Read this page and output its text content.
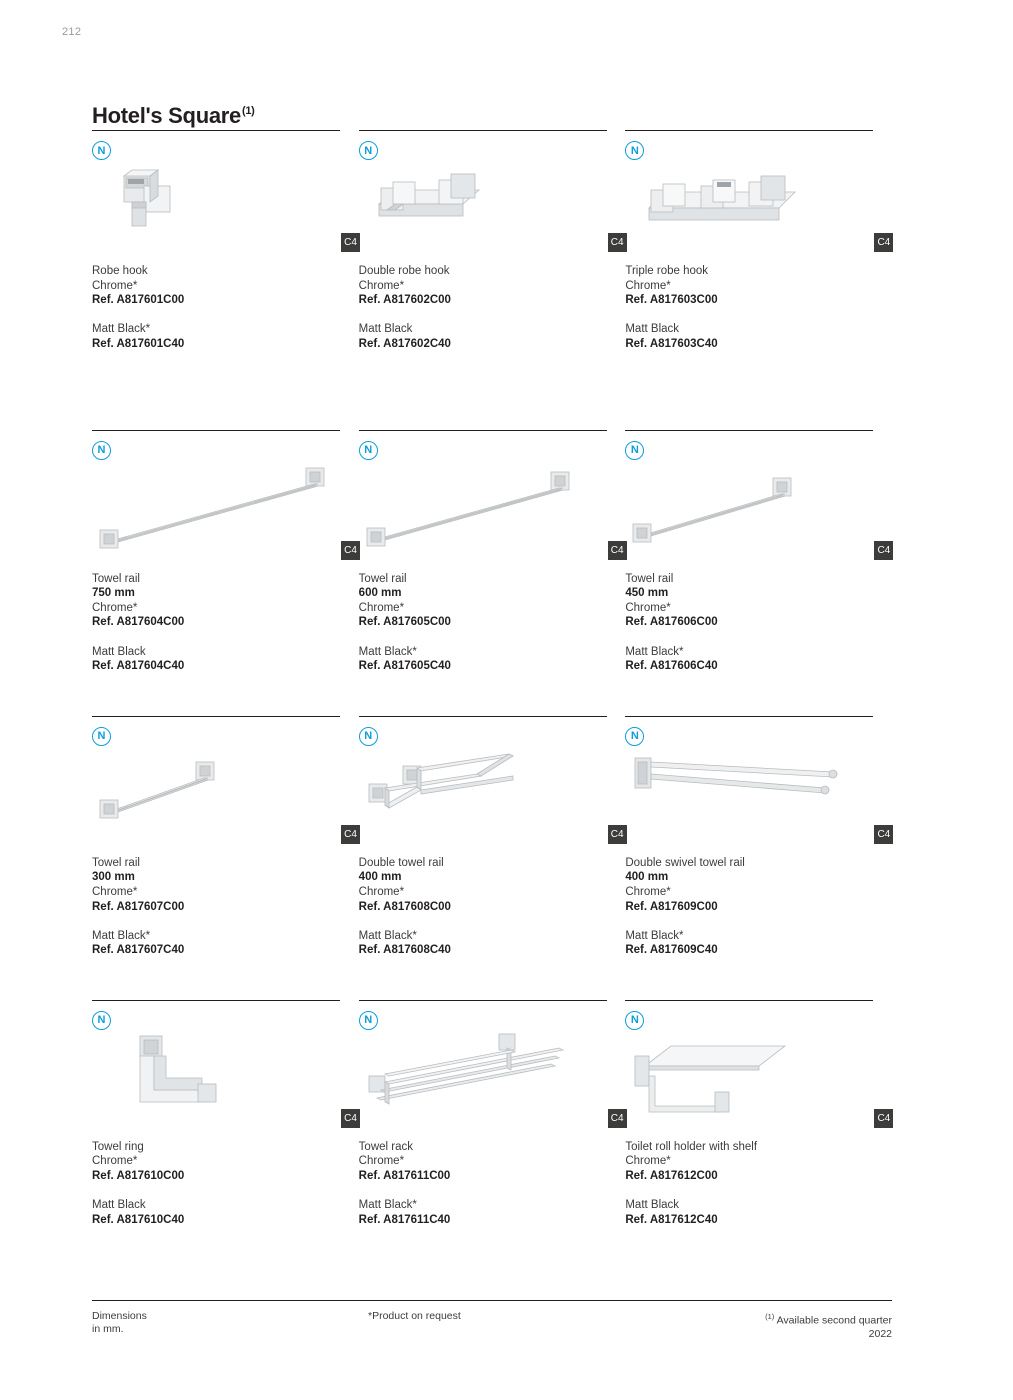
212
Hotel's Square$^{(1)}$
N
C4
Robe hook
Chrome*
Ref. A817601C00
Matt Black*
Ref. A817601C40
N
C4
Double robe hook
Chrome*
Ref. A817602C00
Matt Black
Ref. A817602C40
N
C4
Triple robe hook
Chrome*
Ref. A817603C00
Matt Black
Ref. A817603C40
N
C4
Towel rail
750 mm
Chrome*
Ref. A817604C00
Matt Black
Ref. A817604C40
N
C4
Towel rail
600 mm
Chrome*
Ref. A817605C00
Matt Black*
Ref. A817605C40
N
C4
Towel rail
450 mm
Chrome*
Ref. A817606C00
Matt Black*
Ref. A817606C40
N
C4
Towel rail
300 mm
Chrome*
Ref. A817607C00
Matt Black*
Ref. A817607C40
N
C4
Double towel rail
400 mm
Chrome*
Ref. A817608C00
Matt Black*
Ref. A817608C40
N
C4
Double swivel towel rail
400 mm
Chrome*
Ref. A817609C00
Matt Black*
Ref. A817609C40
N
C4
Towel ring
Chrome*
Ref. A817610C00
Matt Black
Ref. A817610C40
N
C4
Towel rack
Chrome*
Ref. A817611C00
Matt Black*
Ref. A817611C40
N
C4
Toilet roll holder with shelf
Chrome*
Ref. A817612C00
Matt Black
Ref. A817612C40
Dimensions
in mm.
*Product on request	$^{(1)}$ Available second quarter
2022
